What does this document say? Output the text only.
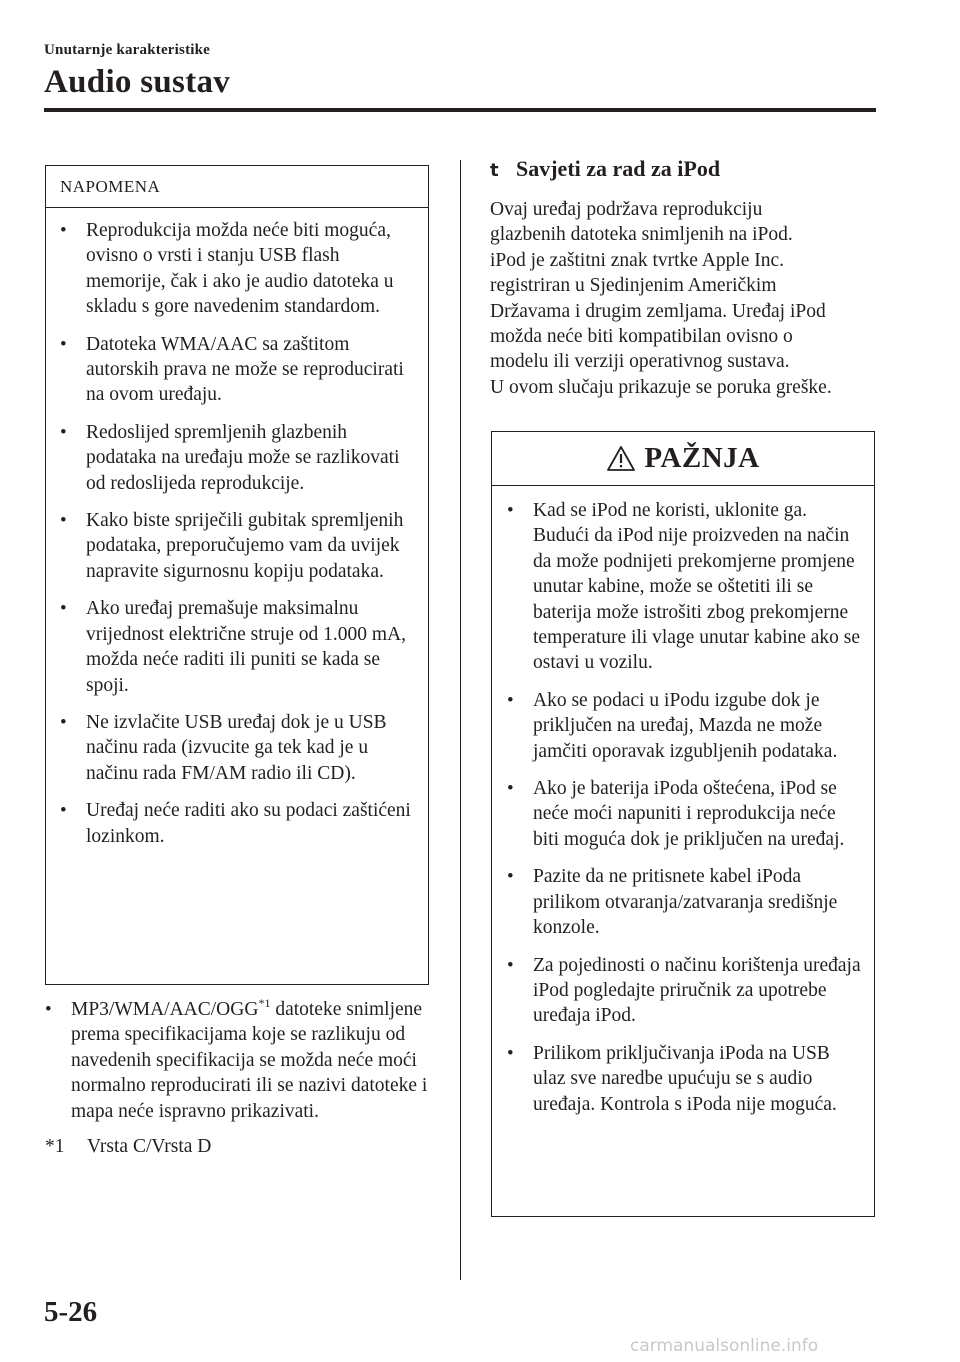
Unutarnje karakteristike
Audio sustav
NAPOMENA
• Reprodukcija možda neće biti moguća, ovisno o vrsti i stanju USB flash memorije, čak i ako je audio datoteka u skladu s gore navedenim standardom.
• Datoteka WMA/AAC sa zaštitom autorskih prava ne može se reproducirati na ovom uređaju.
• Redoslijed spremljenih glazbenih podataka na uređaju može se razlikovati od redoslijeda reprodukcije.
• Kako biste spriječili gubitak spremljenih podataka, preporučujemo vam da uvijek napravite sigurnosnu kopiju podataka.
• Ako uređaj premašuje maksimalnu vrijednost električne struje od 1.000 mA, možda neće raditi ili puniti se kada se spoji.
• Ne izvlačite USB uređaj dok je u USB načinu rada (izvucite ga tek kad je u načinu rada FM/AM radio ili CD).
• Uređaj neće raditi ako su podaci zaštićeni lozinkom.
• MP3/WMA/AAC/OGG$^{*1}$ datoteke snimljene prema specifikacijama koje se razlikuju od navedenih specifikacija se možda neće moći normalno reproducirati ili se nazivi datoteke i mapa neće ispravno prikazivati.
*1 Vrsta C/Vrsta D
t Savjeti za rad za iPod
Ovaj uređaj podržava reprodukciju
glazbenih datoteka snimljenih na iPod.
iPod je zaštitni znak tvrtke Apple Inc.
registriran u Sjedinjenim Američkim
Državama i drugim zemljama. Uređaj iPod
možda neće biti kompatibilan ovisno o
modelu ili verziji operativnog sustava.
U ovom slučaju prikazuje se poruka greške.
PAŽNJA
• Kad se iPod ne koristi, uklonite ga. Budući da iPod nije proizveden na način da može podnijeti prekomjerne promjene unutar kabine, može se oštetiti ili se baterija može istrošiti zbog prekomjerne temperature ili vlage unutar kabine ako se ostavi u vozilu.
• Ako se podaci u iPodu izgube dok je priključen na uređaj, Mazda ne može jamčiti oporavak izgubljenih podataka.
• Ako je baterija iPoda oštećena, iPod se neće moći napuniti i reprodukcija neće biti moguća dok je priključen na uređaj.
• Pazite da ne pritisnete kabel iPoda prilikom otvaranja/zatvaranja središnje konzole.
• Za pojedinosti o načinu korištenja uređaja iPod pogledajte priručnik za upotrebe uređaja iPod.
• Prilikom priključivanja iPoda na USB ulaz sve naredbe upućuju se s audio uređaja. Kontrola s iPoda nije moguća.
5-26
carmanualsonline.info
